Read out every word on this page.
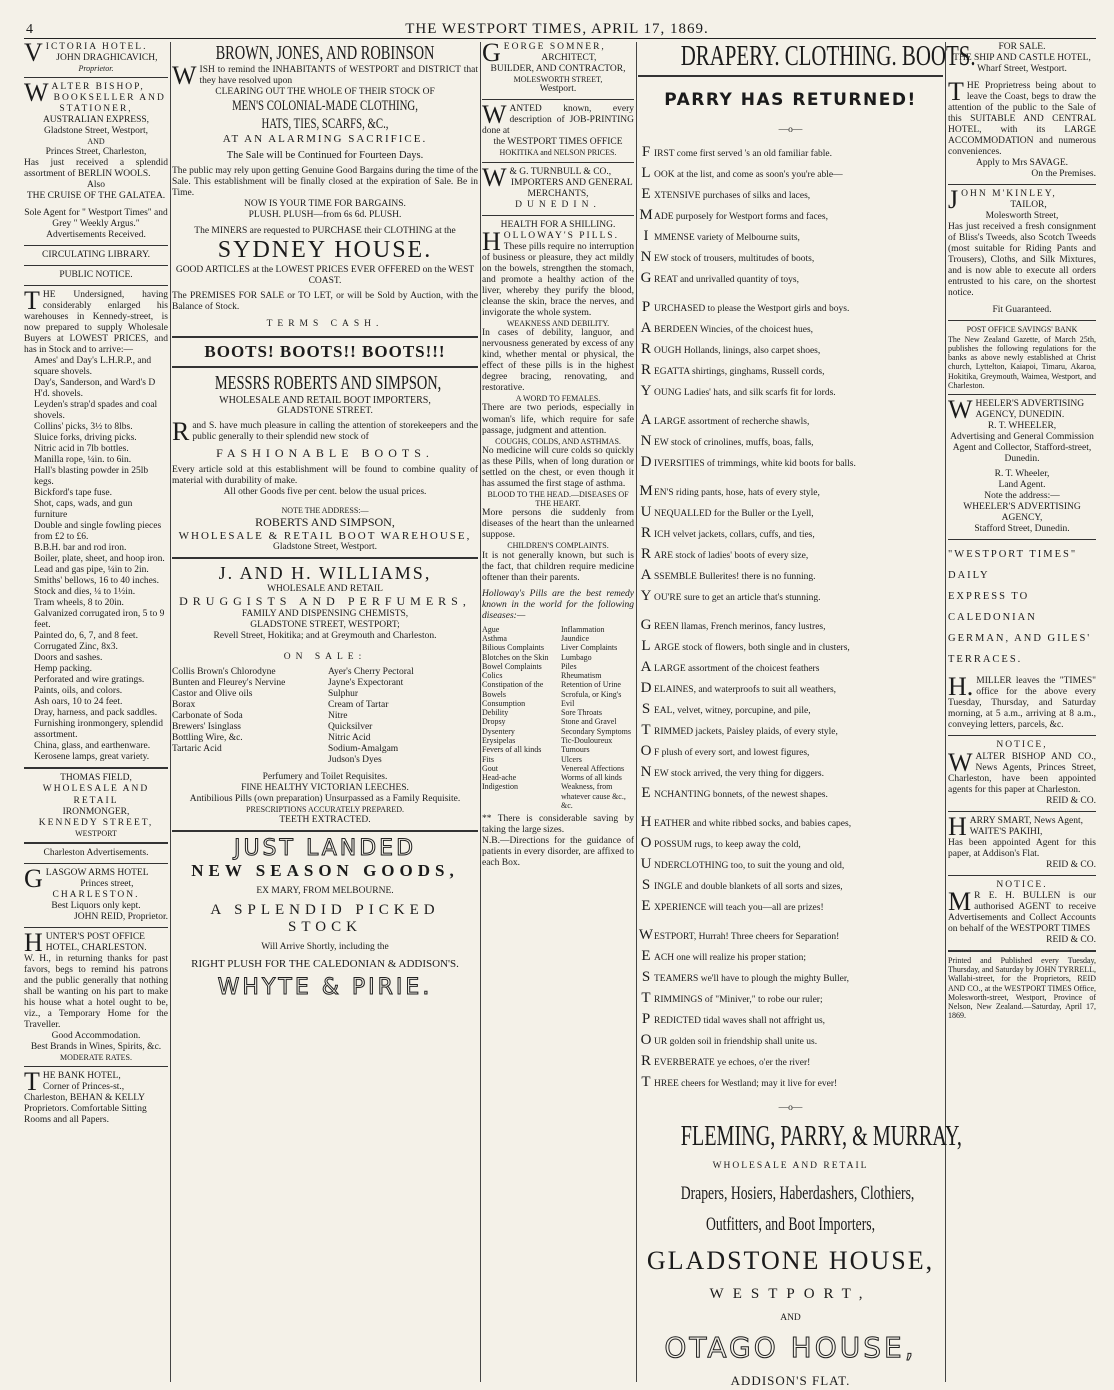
4	THE WESTPORT TIMES, APRIL 17, 1869.
VICTORIA HOTEL.
JOHN DRAGHICAVICH,
Proprietor.
WALTER BISHOP,
BOOKSELLER AND STATIONER,
AUSTRALIAN EXPRESS,
Gladstone Street, Westport,
AND
Princes Street, Charleston,
Has just received a splendid assortment of BERLIN WOOLS.
Also
THE CRUISE OF THE GALATEA.
Sole Agent for " Westport Times" and Grey " Weekly Argus."
Advertisements Received.
CIRCULATING LIBRARY.
PUBLIC NOTICE.
THE Undersigned, having considerably enlarged his warehouses in Kennedy-street, is now prepared to supply Wholesale Buyers at LOWEST PRICES, and has in Stock and to arrive:—
Ames' and Day's L.H.R.P., and square shovels.
Day's, Sanderson, and Ward's D H'd. shovels.
Leyden's strap'd spades and coal shovels.
Collins' picks, 3½ to 8lbs.
Sluice forks, driving picks.
Nitric acid in 7lb bottles.
Manilla rope, ¼in. to 6in.
Hall's blasting powder in 25lb kegs.
Bickford's tape fuse.
Shot, caps, wads, and gun furniture
Double and single fowling pieces from £2 to £6.
B.B.H. bar and rod iron.
Boiler, plate, sheet, and hoop iron.
Lead and gas pipe, ¼in to 2in.
Smiths' bellows, 16 to 40 inches.
Stock and dies, ¼ to 1½in.
Tram wheels, 8 to 20in.
Galvanized corrugated iron, 5 to 9 feet.
Painted do, 6, 7, and 8 feet.
Corrugated Zinc, 8x3.
Doors and sashes.
Hemp packing.
Perforated and wire gratings.
Paints, oils, and colors.
Ash oars, 10 to 24 feet.
Dray, harness, and pack saddles.
Furnishing ironmongery, splendid assortment.
China, glass, and earthenware.
Kerosene lamps, great variety.
THOMAS FIELD,
WHOLESALE AND RETAIL
IRONMONGER,
KENNEDY STREET,
WESTPORT
Charleston Advertisements.
GLASGOW ARMS HOTEL
Princes street,
CHARLESTON.
Best Liquors only kept.
JOHN REID, Proprietor.
HUNTER'S POST OFFICE HOTEL, CHARLESTON.
W. H., in returning thanks for past favors, begs to remind his patrons and the public generally that nothing shall be wanting on his part to make his house what a hotel ought to be, viz., a Temporary Home for the Traveller.
Good Accommodation.
Best Brands in Wines, Spirits, &c.
MODERATE RATES.
THE BANK HOTEL,
Corner of Princes-st., Charleston, BEHAN & KELLY Proprietors. Comfortable Sitting Rooms and all Papers.
BROWN, JONES, AND ROBINSON
WISH to remind the INHABITANTS of WESTPORT and DISTRICT that they have resolved upon
CLEARING OUT THE WHOLE OF THEIR STOCK OF
MEN'S COLONIAL-MADE CLOTHING,
HATS, TIES, SCARFS, &C.,
AT AN ALARMING SACRIFICE.
The Sale will be Continued for Fourteen Days.
The public may rely upon getting Genuine Good Bargains during the time of the Sale. This establishment will be finally closed at the expiration of Sale. Be in Time.
NOW IS YOUR TIME FOR BARGAINS.
PLUSH. PLUSH—from 6s 6d. PLUSH.
The MINERS are requested to PURCHASE their CLOTHING at the
SYDNEY HOUSE.
GOOD ARTICLES at the LOWEST PRICES EVER OFFERED on the WEST COAST.
The PREMISES FOR SALE or TO LET, or will be Sold by Auction, with the Balance of Stock.
TERMS CASH.
BOOTS! BOOTS!! BOOTS!!!
MESSRS ROBERTS AND SIMPSON,
WHOLESALE AND RETAIL BOOT IMPORTERS,
GLADSTONE STREET.
Rand S. have much pleasure in calling the attention of storekeepers and the public generally to their splendid new stock of
FASHIONABLE BOOTS.
Every article sold at this establishment will be found to combine quality of material with durability of make.
All other Goods five per cent. below the usual prices.
NOTE THE ADDRESS:—
ROBERTS AND SIMPSON,
WHOLESALE & RETAIL BOOT WAREHOUSE,
Gladstone Street, Westport.
J. AND H. WILLIAMS,
WHOLESALE AND RETAIL
DRUGGISTS AND PERFUMERS,
FAMILY AND DISPENSING CHEMISTS,
GLADSTONE STREET, WESTPORT;
Revell Street, Hokitika; and at Greymouth and Charleston.
ON SALE:
Collis Brown's Chlorodyne
Bunten and Fleurey's Nervine
Castor and Olive oils
Borax
Carbonate of Soda
Brewers' Isinglass
Bottling Wire, &c.
Tartaric Acid
Ayer's Cherry Pectoral
Jayne's Expectorant
Sulphur
Cream of Tartar
Nitre
Quicksilver
Nitric Acid
Sodium-Amalgam
Judson's Dyes
Perfumery and Toilet Requisites.
FINE HEALTHY VICTORIAN LEECHES.
Antibilious Pills (own preparation) Unsurpassed as a Family Requisite.
PRESCRIPTIONS ACCURATELY PREPARED.
TEETH EXTRACTED.
JUST LANDED
NEW SEASON GOODS,
EX MARY, FROM MELBOURNE.
A SPLENDID PICKED STOCK
Will Arrive Shortly, including the
RIGHT PLUSH FOR THE CALEDONIAN & ADDISON'S.
WHYTE & PIRIE.
GEORGE SOMNER,
ARCHITECT,
BUILDER, AND CONTRACTOR,
MOLESWORTH STREET,
Westport.
WANTED known, every description of JOB-PRINTING done at
the WESTPORT TIMES OFFICE
HOKITIKA and NELSON PRICES.
W & G. TURNBULL & CO.,
IMPORTERS AND GENERAL
MERCHANTS,
DUNEDIN.
HEALTH FOR A SHILLING.
HOLLOWAY'S PILLS.
These pills require no interruption of business or pleasure, they act mildly on the bowels, strengthen the stomach, and promote a healthy action of the liver, whereby they purify the blood, cleanse the skin, brace the nerves, and invigorate the whole system.
WEAKNESS AND DEBILITY.
In cases of debility, languor, and nervousness generated by excess of any kind, whether mental or physical, the effect of these pills is in the highest degree bracing, renovating, and restorative.
A WORD TO FEMALES.
There are two periods, especially in woman's life, which require for safe passage, judgment and attention.
COUGHS, COLDS, AND ASTHMAS.
No medicine will cure colds so quickly as these Pills, when of long duration or settled on the chest, or even though it has assumed the first stage of asthma.
BLOOD TO THE HEAD.—DISEASES OF THE HEART.
More persons die suddenly from diseases of the heart than the unlearned suppose.
CHILDREN'S COMPLAINTS.
It is not generally known, but such is the fact, that children require medicine oftener than their parents.
Holloway's Pills are the best remedy known in the world for the following diseases:—
Ague
Asthma
Bilious Complaints
Blotches on the Skin
Bowel Complaints
Colics
Constipation of the Bowels
Consumption
Debility
Dropsy
Dysentery
Erysipelas
Fevers of all kinds
Fits
Gout
Head-ache
Indigestion
Inflammation
Jaundice
Liver Complaints
Lumbago
Piles
Rheumatism
Retention of Urine
Scrofula, or King's Evil
Sore Throats
Stone and Gravel
Secondary Symptoms
Tic-Douloureux
Tumours
Ulcers
Venereal Affections
Worms of all kinds
Weakness, from whatever cause &c., &c.
** There is considerable saving by taking the large sizes.
N.B.—Directions for the guidance of patients in every disorder, are affixed to each Box.
DRAPERY. CLOTHING. BOOTS.
PARRY HAS RETURNED!
—o—
F IRST come first served 's an old familiar fable.
L OOK at the list, and come as soon's you're able—
E XTENSIVE purchases of silks and laces,
M ADE purposely for Westport forms and faces,
I MMENSE variety of Melbourne suits,
N EW stock of trousers, multitudes of boots,
G REAT and unrivalled quantity of toys,
P URCHASED to please the Westport girls and boys.
A BERDEEN Wincies, of the choicest hues,
R OUGH Hollands, linings, also carpet shoes,
R EGATTA shirtings, ginghams, Russell cords,
Y OUNG Ladies' hats, and silk scarfs fit for lords.
A LARGE assortment of recherche shawls,
N EW stock of crinolines, muffs, boas, falls,
D IVERSITIES of trimmings, white kid boots for balls.
M EN'S riding pants, hose, hats of every style,
U NEQUALLED for the Buller or the Lyell,
R ICH velvet jackets, collars, cuffs, and ties,
R ARE stock of ladies' boots of every size,
A SSEMBLE Bullerites! there is no funning.
Y OU'RE sure to get an article that's stunning.
G REEN llamas, French merinos, fancy lustres,
L ARGE stock of flowers, both single and in clusters,
A LARGE assortment of the choicest feathers
D ELAINES, and waterproofs to suit all weathers,
S EAL, velvet, witney, porcupine, and pile,
T RIMMED jackets, Paisley plaids, of every style,
O F plush of every sort, and lowest figures,
N EW stock arrived, the very thing for diggers.
E NCHANTING bonnets, of the newest shapes.
H EATHER and white ribbed socks, and babies capes,
O POSSUM rugs, to keep away the cold,
U NDERCLOTHING too, to suit the young and old,
S INGLE and double blankets of all sorts and sizes,
E XPERIENCE will teach you—all are prizes!
W ESTPORT, Hurrah! Three cheers for Separation!
E ACH one will realize his proper station;
S TEAMERS we'll have to plough the mighty Buller,
T RIMMINGS of "Miniver," to robe our ruler;
P REDICTED tidal waves shall not affright us,
O UR golden soil in friendship shall unite us.
R EVERBERATE ye echoes, o'er the river!
T HREE cheers for Westland; may it live for ever!
—o—
FLEMING, PARRY, & MURRAY,
WHOLESALE AND RETAIL
Drapers, Hosiers, Haberdashers, Clothiers,
Outfitters, and Boot Importers,
GLADSTONE HOUSE,
WESTPORT,
AND
OTAGO HOUSE,
ADDISON'S FLAT.
FOR SALE.
THE SHIP AND CASTLE HOTEL,
Wharf Street, Westport.
THE Proprietress being about to leave the Coast, begs to draw the attention of the public to the Sale of this SUITABLE AND CENTRAL HOTEL, with its LARGE ACCOMMODATION and numerous conveniences.
Apply to Mrs SAVAGE.
On the Premises.
JOHN M'KINLEY,
TAILOR,
Molesworth Street,
Has just received a fresh consignment of Bliss's Tweeds, also Scotch Tweeds (most suitable for Riding Pants and Trousers), Cloths, and Silk Mixtures, and is now able to execute all orders entrusted to his care, on the shortest notice.
Fit Guaranteed.
POST OFFICE SAVINGS' BANK
The New Zealand Gazette, of March 25th, publishes the following regulations for the banks as above newly established at Christ church, Lyttelton, Kaiapoi, Timaru, Akaroa, Hokitika, Greymouth, Waimea, Westport, and Charleston.
WHEELER'S ADVERTISING AGENCY, DUNEDIN.
R. T. WHEELER,
Advertising and General Commission Agent and Collector, Stafford-street, Dunedin.
R. T. Wheeler,
Land Agent.
Note the address:—
WHEELER'S ADVERTISING AGENCY,
Stafford Street, Dunedin.
"WESTPORT TIMES" DAILY
EXPRESS TO CALEDONIAN
GERMAN, AND GILES' TERRACES.
H. MILLER leaves the "TIMES" office for the above every Tuesday, Thursday, and Saturday morning, at 5 a.m., arriving at 8 a.m., conveying letters, parcels, &c.
NOTICE,
WALTER BISHOP AND CO., News Agents, Princes Street, Charleston, have been appointed agents for this paper at Charleston.
REID & CO.
HARRY SMART, News Agent, WAITE'S PAKIHI,
Has been appointed Agent for this paper, at Addison's Flat.
REID & CO.
NOTICE.
M R E. H. BULLEN is our authorised AGENT to receive Advertisements and Collect Accounts on behalf of the WESTPORT TIMES
REID & CO.
Printed and Published every Tuesday, Thursday, and Saturday by JOHN TYRRELL, Wallabi-street, for the Proprietors, REID AND CO., at the WESTPORT TIMES Office, Molesworth-street, Westport, Province of Nelson, New Zealand.—Saturday, April 17, 1869.
